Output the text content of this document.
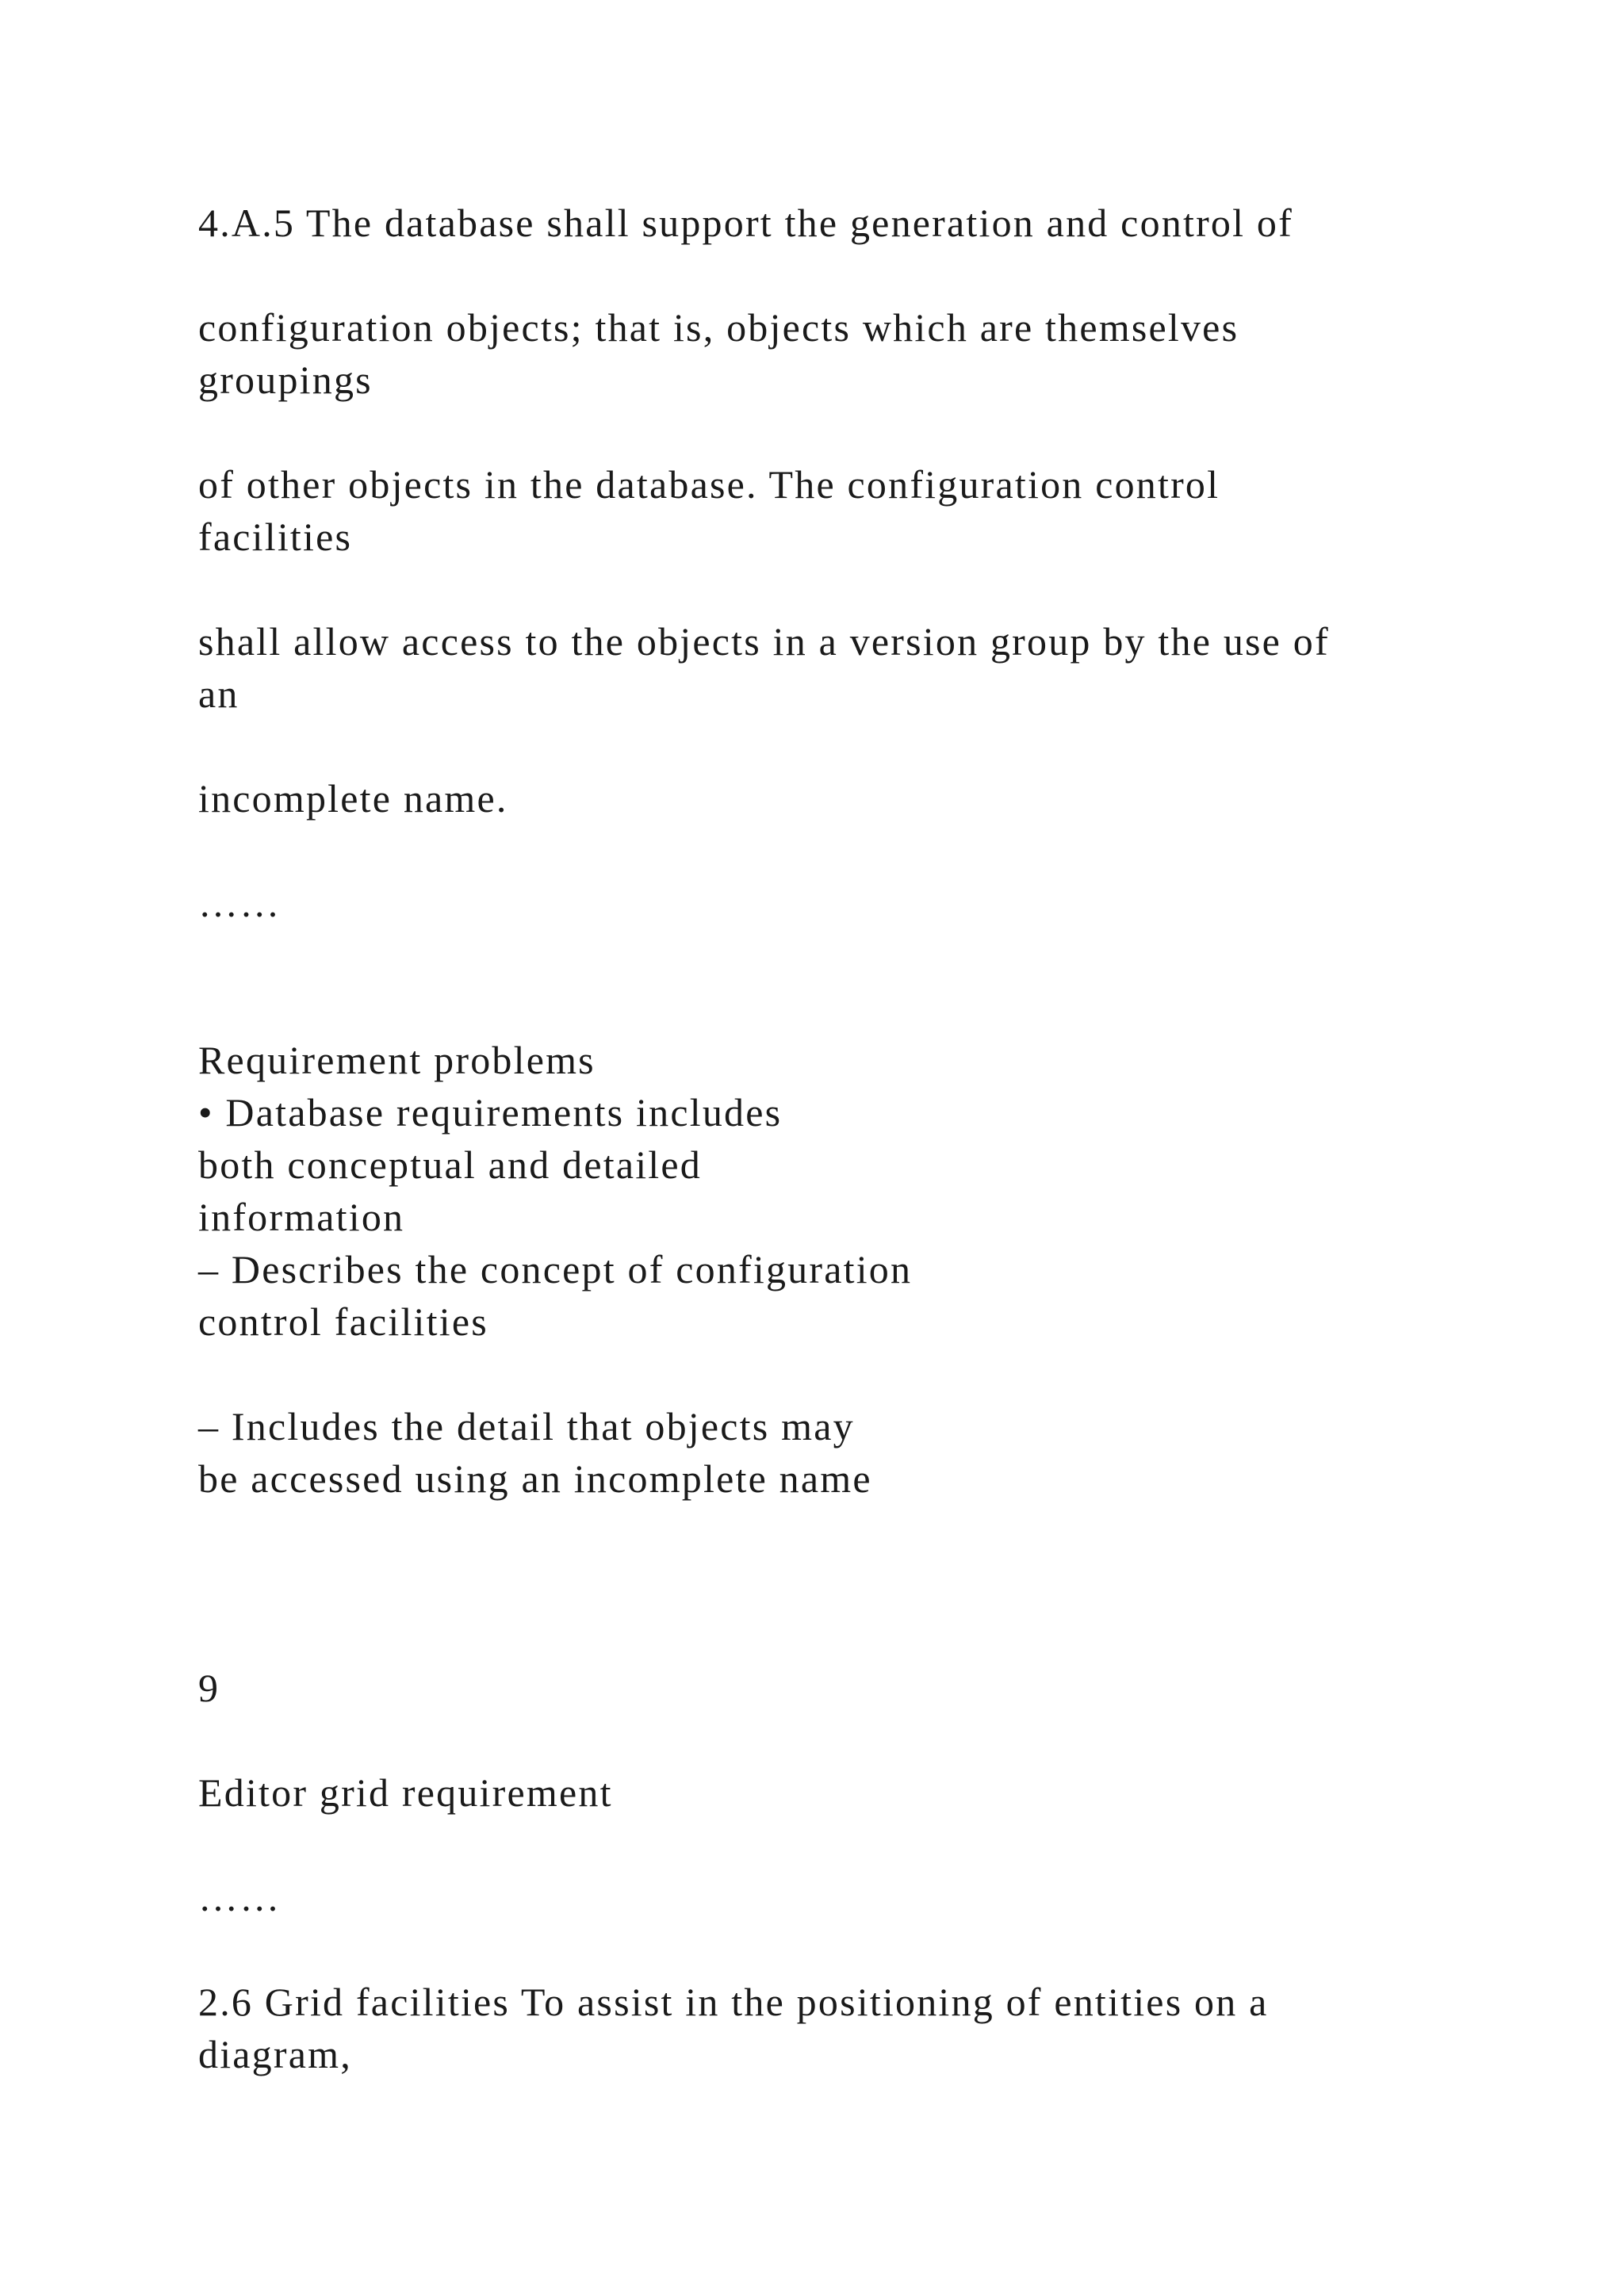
4.A.5 The database shall support the generation and control of

configuration objects; that is, objects which are themselves

groupings

of other objects in the database. The configuration control

facilities

shall allow access to the objects in a version group by the use of

an

incomplete name.

……

Requirement problems

• Database requirements includes

both conceptual and detailed

information

– Describes the concept of configuration

control facilities

– Includes the detail that objects may

be accessed using an incomplete name

9

Editor grid requirement

……

2.6 Grid facilities To assist in the positioning of entities on a

diagram,
